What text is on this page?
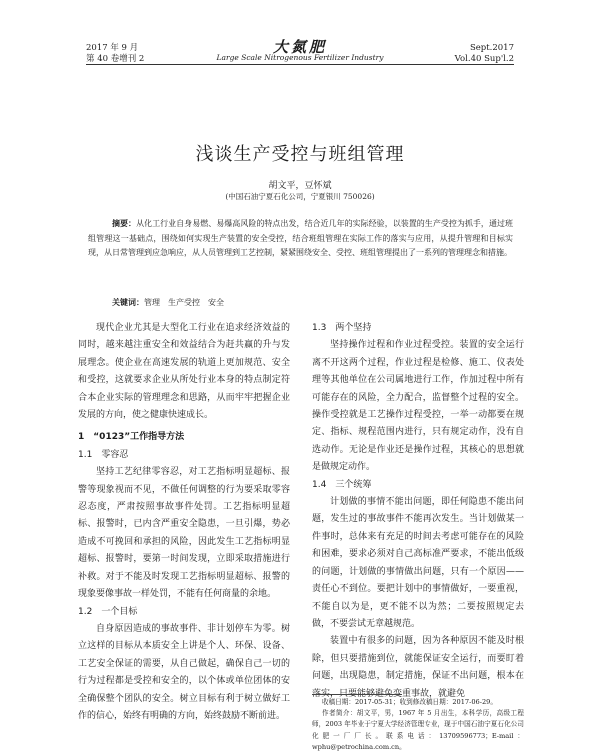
2017 年 9 月
第 40 卷增刊 2
大氮肥
Large Scale Nitrogenous Fertilizer Industry
Sept.2017
Vol.40 Sup'l.2
浅谈生产受控与班组管理
胡文平，豆怀斌
(中国石油宁夏石化公司，宁夏银川 750026)
摘要：从化工行业自身易燃、易爆高风险的特点出发，结合近几年的实际经验，以装置的生产受控为抓手，通过班组管理这一基础点，围绕如何实现生产装置的安全受控，结合班组管理在实际工作的落实与应用，从提升管理和目标实现，从日常管理到应急响应，从人员管理到工艺控制，紧紧围绕安全、受控、班组管理提出了一系列的管理理念和措施。
关键词：管理　生产受控　安全

现代企业尤其是大型化工行业在追求经济效益的同时，越来越注重安全和效益结合为赶共赢的升与发展理念。使企业在高速发展的轨道上更加规范、安全和受控，这就要求企业从所处行业本身的特点制定符合本企业实际的管理理念和思路，从而牢牢把握企业发展的方向，使之健康快速成长。

1　“0123”工作指导方法

1.1　零容忍

坚持工艺纪律零容忍，对工艺指标明显超标、报警等现象视而不见，不做任何调整的行为要采取零容忍态度，严肃按照事故事件处罚。工艺指标明显超标、报警时，已内含严重安全隐患，一旦引爆，势必造成不可挽回和承担的风险，因此发生工艺指标明显超标、报警时，要第一时间发现，立即采取措施进行补救。对于不能及时发现工艺指标明显超标、报警的现象要像事故一样处罚，不能有任何商量的余地。

1.2　一个目标

自身原因造成的事故事件、非计划停车为零。树立这样的目标从本质安全上讲是个人、环保、设备、工艺安全保证的需要，从自己做起，确保自己一切的行为过程都是受控和安全的，以个体或单位团体的安全确保整个团队的安全。树立目标有利于树立做好工作的信心，始终有明确的方向，始终鼓励不断前进。

1.3　两个坚持

坚持操作过程和作业过程受控。装置的安全运行离不开这两个过程，作业过程是检修、施工、仪表处理等其他单位在公司属地进行工作，作加过程中所有可能存在的风险，全力配合，监督整个过程的安全。操作受控就是工艺操作过程受控，一举一动都要在规定、指标、规程范围内进行，只有规定动作，没有自选动作。无论是作业还是操作过程，其核心的思想就是做规定动作。

1.4　三个统筹

计划做的事情不能出问题，即任何隐患不能出问题，发生过的事故事件不能再次发生。当计划做某一件事时，总体来有充足的时间去考虑可能存在的风险和困难，要求必须对自己高标准严要求，不能出低级的问题，计划做的事情做出问题，只有一个原因——责任心不到位。要把计划中的事情做好，一要重视，不能自以为是，更不能不以为然；二要按照规定去做，不要尝试无章越规范。

装置中有很多的问题，因为各种原因不能及时根除，但只要措施到位，就能保证安全运行，而要盯着问题，出现隐患，制定措施，保证不出问题，根本在落实，只要能够避免变重事故，就避免

收稿日期：2017-05-31；收到修改稿日期：2017-06-29。

作者简介：胡文平，男，1967 年 5 月出生，本科学历，高级工程师，2003 年毕业于宁夏大学经济管理专业，现于中国石油宁夏石化公司化肥一厂厂长。联系电话：13709596773；E-mail：wphu@petrochina.com.cn。
